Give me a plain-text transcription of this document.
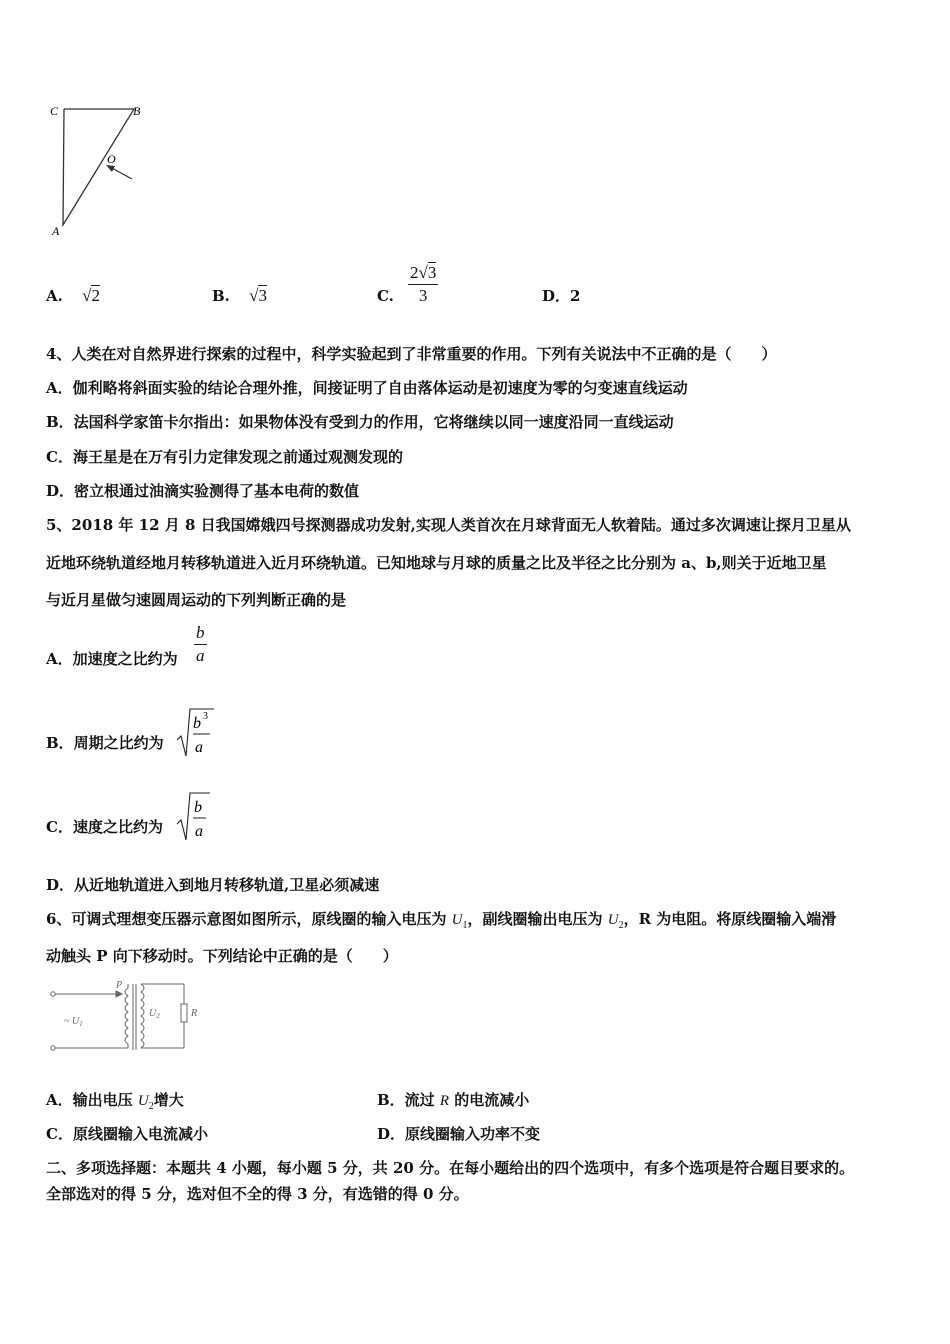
C	B
O
A
A. √2	B. √3	C.
2√3
3	D．2
4、人类在对自然界进行探索的过程中，科学实验起到了非常重要的作用。下列有关说法中不正确的是（　　）
A．伽利略将斜面实验的结论合理外推，间接证明了自由落体运动是初速度为零的匀变速直线运动
B．法国科学家笛卡尔指出：如果物体没有受到力的作用，它将继续以同一速度沿同一直线运动
C．海王星是在万有引力定律发现之前通过观测发现的
D．密立根通过油滴实验测得了基本电荷的数值
5、2018 年 12 月 8 日我国嫦娥四号探测器成功发射,实现人类首次在月球背面无人软着陆。通过多次调速让探月卫星从
近地环绕轨道经地月转移轨道进入近月环绕轨道。已知地球与月球的质量之比及半径之比分别为 a、b,则关于近地卫星
与近月星做匀速圆周运动的下列判断正确的是
A．加速度之比约为
b
a
B．周期之比约为
b 3
a
C．速度之比约为
b
a
D．从近地轨道进入到地月转移轨道,卫星必须减速
6、可调式理想变压器示意图如图所示，原线圈的输入电压为 $U_1$，副线圈输出电压为 $U_2$，R 为电阻。将原线圈输入端滑
动触头 P 向下移动时。下列结论中正确的是（　　）
P
~ $U_1$
$U_2$	R
A．输出电压 $U_2$增大	B．流过 R 的电流减小
C．原线圈输入电流减小	D．原线圈输入功率不变
二、多项选择题：本题共 4 小题，每小题 5 分，共 20 分。在每小题给出的四个选项中，有多个选项是符合题目要求的。
全部选对的得 5 分，选对但不全的得 3 分，有选错的得 0 分。
